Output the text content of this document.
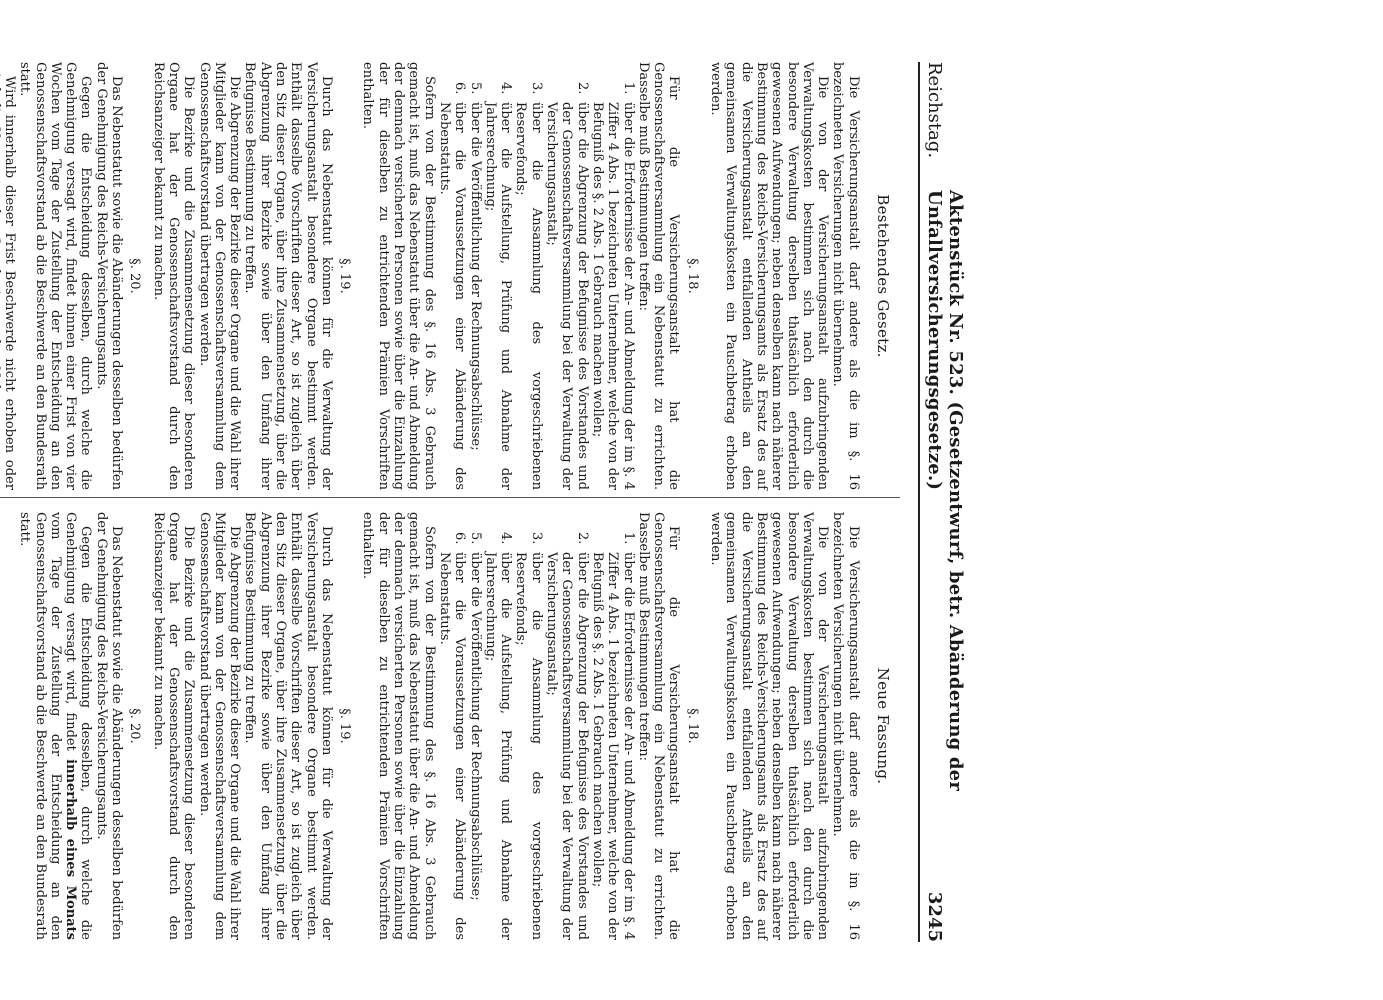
Reichstag.
Aktenstück Nr. 523. (Gesetzentwurf, betr. Abänderung der Unfallversicherungsgesetze.)
3245
Bestehendes Gesetz.

Die Versicherungsanstalt darf andere als die im §. 16 bezeichneten Versicherungen nicht übernehmen.

Die von der Versicherungsanstalt aufzubringenden Verwaltungskosten bestimmen sich nach den durch die besondere Verwaltung derselben thatsächlich erforderlich gewesenen Aufwendungen; neben denselben kann nach näherer Bestimmung des Reichs-Versicherungsamts als Ersatz des auf die Versicherungsanstalt entfallenden Antheils an den gemeinsamen Verwaltungskosten ein Pauschbetrag erhoben werden.

§. 18.

Für die Versicherungsanstalt hat die Genossenschaftsversammlung ein Nebenstatut zu errichten. Dasselbe muß Bestimmungen treffen:

1.
über die Erfordernisse der An- und Abmeldung der im §. 4 Ziffer 4 Abs. 1 bezeichneten Unternehmer, welche von der Befugniß des §. 2 Abs. 1 Gebrauch machen wollen;
2.
über die Abgrenzung der Befugnisse des Vorstandes und der Genossenschaftsversammlung bei der Verwaltung der Versicherungsanstalt;
3.
über die Ansammlung des vorgeschriebenen Reservefonds;
4.
über die Aufstellung, Prüfung und Abnahme der Jahresrechnung;
5.
über die Veröffentlichung der Rechnungsabschlüsse;
6.
über die Voraussetzungen einer Abänderung des Nebenstatuts.

Sofern von der Bestimmung des §. 16 Abs. 3 Gebrauch gemacht ist, muß das Nebenstatut über die An- und Abmeldung der demnach versicherten Personen sowie über die Einzahlung der für dieselben zu entrichtenden Prämien Vorschriften enthalten.

§. 19.

Durch das Nebenstatut können für die Verwaltung der Versicherungsanstalt besondere Organe bestimmt werden. Enthält dasselbe Vorschriften dieser Art, so ist zugleich über den Sitz dieser Organe, über ihre Zusammensetzung, über die Abgrenzung ihrer Bezirke sowie über den Umfang ihrer Befugnisse Bestimmung zu treffen.

Die Abgrenzung der Bezirke dieser Organe und die Wahl ihrer Mitglieder kann von der Genossenschaftsversammlung dem Genossenschaftsvorstand übertragen werden.

Die Bezirke und die Zusammensetzung dieser besonderen Organe hat der Genossenschaftsvorstand durch den Reichsanzeiger bekannt zu machen.

§. 20.

Das Nebenstatut sowie die Abänderungen desselben bedürfen der Genehmigung des Reichs-Versicherungsamts.

Gegen die Entscheidung desselben, durch welche die Genehmigung versagt wird, findet binnen einer Frist von vier Wochen vom Tage der Zustellung der Entscheidung an den Genossenschaftsvorstand ab die Beschwerde an den Bundesrath statt.

Wird innerhalb dieser Frist Beschwerde nicht erhoben oder

Neue Fassung.

Die Versicherungsanstalt darf andere als die im §. 16 bezeichneten Versicherungen nicht übernehmen.

Die von der Versicherungsanstalt aufzubringenden Verwaltungskosten bestimmen sich nach den durch die besondere Verwaltung derselben thatsächlich erforderlich gewesenen Aufwendungen; neben denselben kann nach näherer Bestimmung des Reichs-Versicherungsamts als Ersatz des auf die Versicherungsanstalt entfallenden Antheils an den gemeinsamen Verwaltungskosten ein Pauschbetrag erhoben werden.

§. 18.

Für die Versicherungsanstalt hat die Genossenschaftsversammlung ein Nebenstatut zu errichten. Dasselbe muß Bestimmungen treffen:

1.
über die Erfordernisse der An- und Abmeldung der im §. 4 Ziffer 4 Abs. 1 bezeichneten Unternehmer, welche von der Befugniß des §. 2 Abs. 1 Gebrauch machen wollen;
2.
über die Abgrenzung der Befugnisse des Vorstandes und der Genossenschaftsversammlung bei der Verwaltung der Versicherungsanstalt;
3.
über die Ansammlung des vorgeschriebenen Reservefonds;
4.
über die Aufstellung, Prüfung und Abnahme der Jahresrechnung;
5.
über die Veröffentlichung der Rechnungsabschlüsse;
6.
über die Voraussetzungen einer Abänderung des Nebenstatuts.

Sofern von der Bestimmung des §. 16 Abs. 3 Gebrauch gemacht ist, muß das Nebenstatut über die An- und Abmeldung der demnach versicherten Personen sowie über die Einzahlung der für dieselben zu entrichtenden Prämien Vorschriften enthalten.

§. 19.

Durch das Nebenstatut können für die Verwaltung der Versicherungsanstalt besondere Organe bestimmt werden. Enthält dasselbe Vorschriften dieser Art, so ist zugleich über den Sitz dieser Organe, über ihre Zusammensetzung, über die Abgrenzung ihrer Bezirke sowie über den Umfang ihrer Befugnisse Bestimmung zu treffen.

Die Abgrenzung der Bezirke dieser Organe und die Wahl ihrer Mitglieder kann von der Genossenschaftsversammlung dem Genossenschaftsvorstand übertragen werden.

Die Bezirke und die Zusammensetzung dieser besonderen Organe hat der Genossenschaftsvorstand durch den Reichsanzeiger bekannt zu machen.

§. 20.

Das Nebenstatut sowie die Abänderungen desselben bedürfen der Genehmigung des Reichs-Versicherungsamts.

Gegen die Entscheidung desselben, durch welche die Genehmigung versagt wird, findet innerhalb eines Monats vom Tage der Zustellung der Entscheidung an den Genossenschaftsvorstand ab die Beschwerde an den Bundesrath statt.
